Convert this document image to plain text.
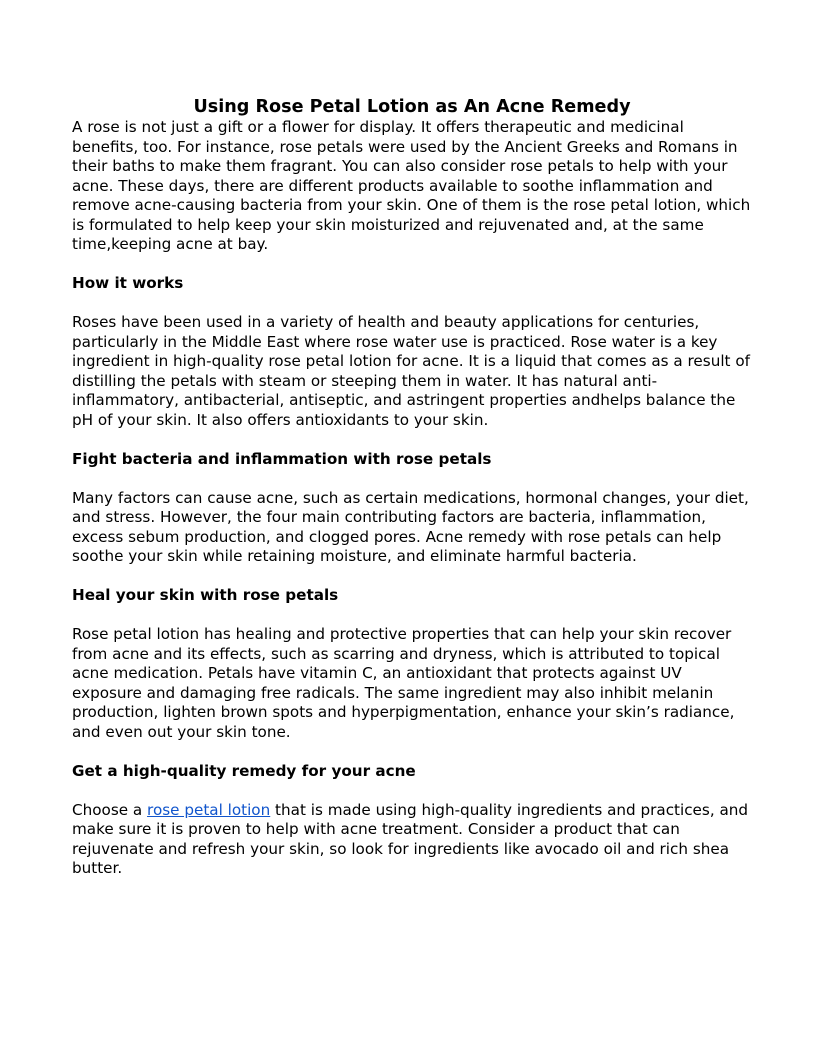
Using Rose Petal Lotion as An Acne Remedy

A rose is not just a gift or a flower for display. It offers therapeutic and medicinal benefits, too. For instance, rose petals were used by the Ancient Greeks and Romans in their baths to make them fragrant. You can also consider rose petals to help with your acne. These days, there are different products available to soothe inflammation and remove acne-causing bacteria from your skin. One of them is the rose petal lotion, which is formulated to help keep your skin moisturized and rejuvenated and, at the same time,keeping acne at bay.

How it works

Roses have been used in a variety of health and beauty applications for centuries, particularly in the Middle East where rose water use is practiced. Rose water is a key ingredient in high-quality rose petal lotion for acne. It is a liquid that comes as a result of distilling the petals with steam or steeping them in water. It has natural anti-inflammatory, antibacterial, antiseptic, and astringent properties andhelps balance the pH of your skin. It also offers antioxidants to your skin.

Fight bacteria and inflammation with rose petals

Many factors can cause acne, such as certain medications, hormonal changes, your diet, and stress. However, the four main contributing factors are bacteria, inflammation, excess sebum production, and clogged pores. Acne remedy with rose petals can help soothe your skin while retaining moisture, and eliminate harmful bacteria.

Heal your skin with rose petals

Rose petal lotion has healing and protective properties that can help your skin recover from acne and its effects, such as scarring and dryness, which is attributed to topical acne medication. Petals have vitamin C, an antioxidant that protects against UV exposure and damaging free radicals. The same ingredient may also inhibit melanin production, lighten brown spots and hyperpigmentation, enhance your skin’s radiance, and even out your skin tone.

Get a high-quality remedy for your acne

Choose a rose petal lotion that is made using high-quality ingredients and practices, and make sure it is proven to help with acne treatment. Consider a product that can rejuvenate and refresh your skin, so look for ingredients like avocado oil and rich shea butter.
